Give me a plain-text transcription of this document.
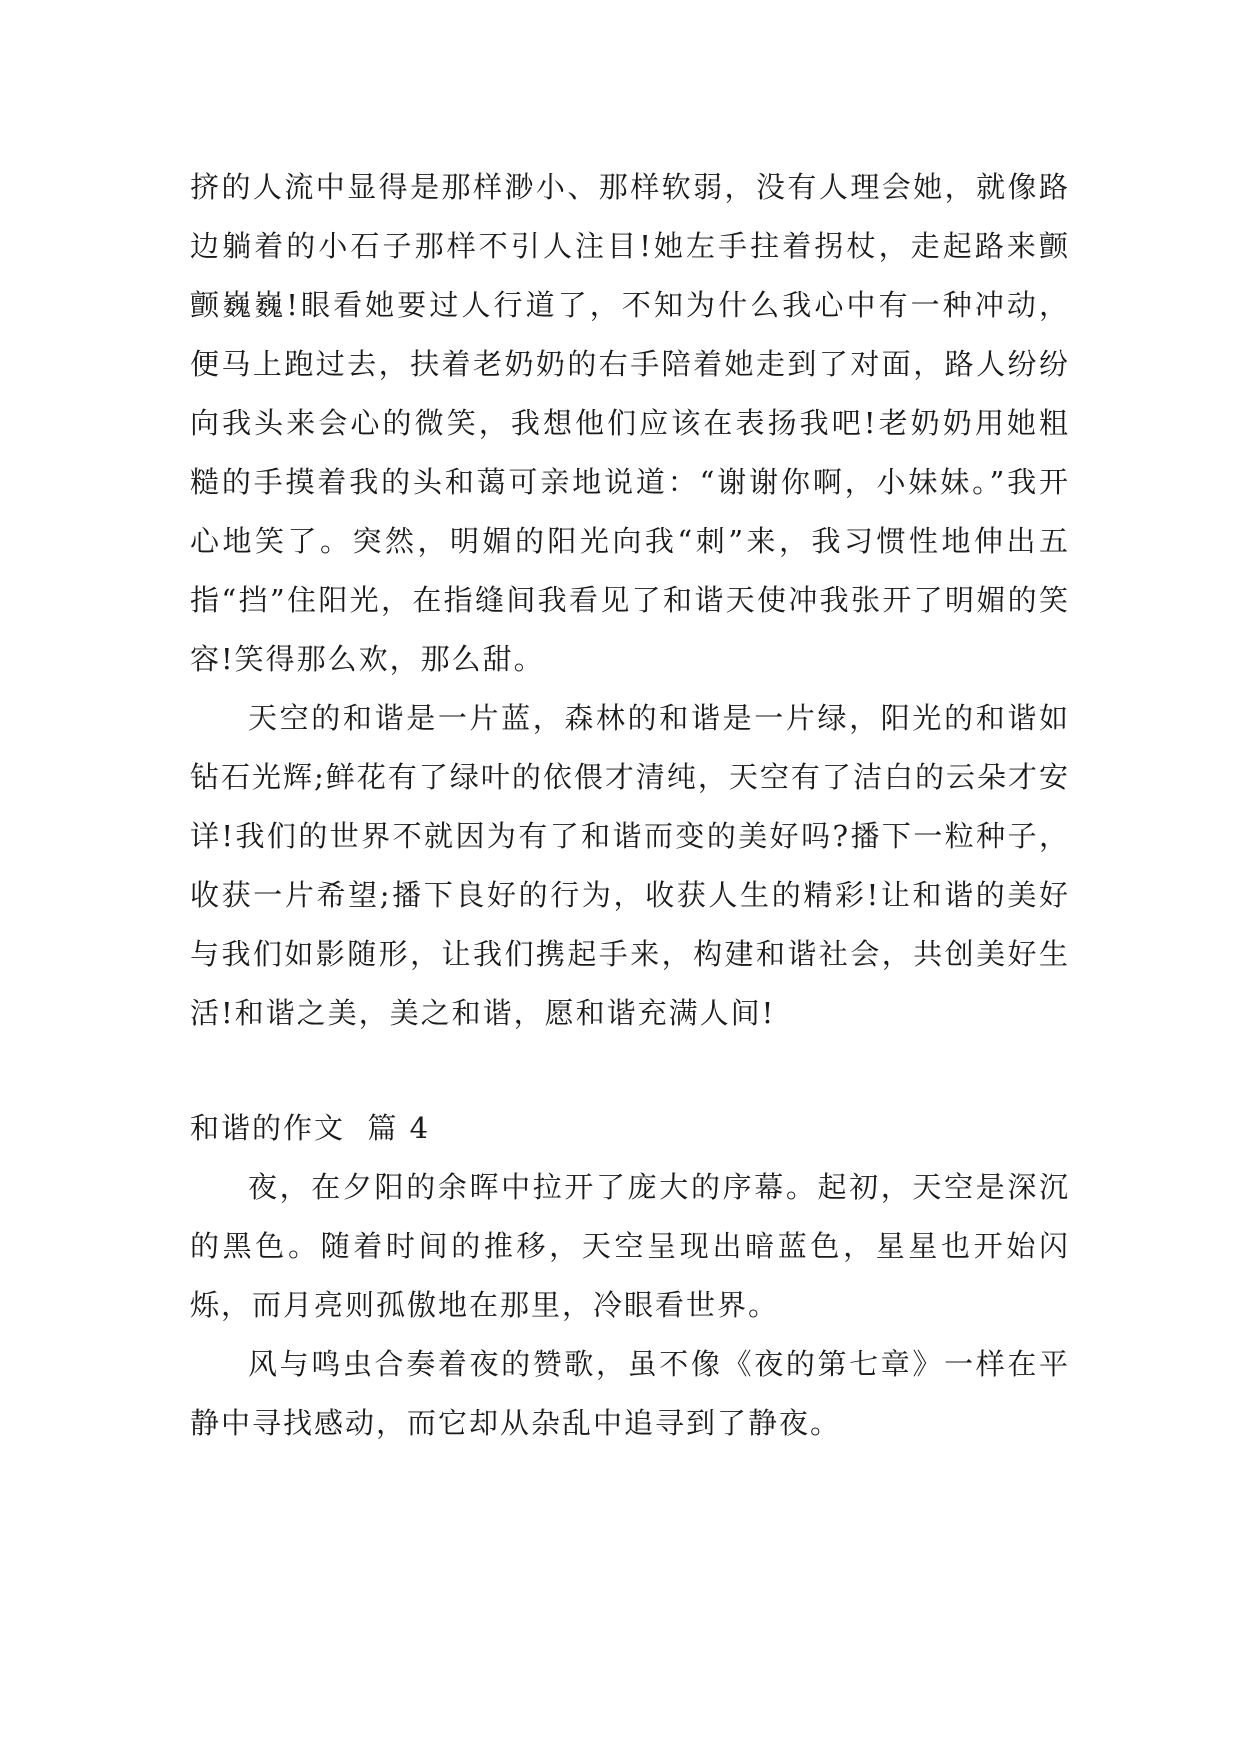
挤的人流中显得是那样渺小、那样软弱，没有人理会她，就像路边躺着的小石子那样不引人注目!她左手拄着拐杖，走起路来颤颤巍巍!眼看她要过人行道了，不知为什么我心中有一种冲动，便马上跑过去，扶着老奶奶的右手陪着她走到了对面，路人纷纷向我头来会心的微笑，我想他们应该在表扬我吧!老奶奶用她粗糙的手摸着我的头和蔼可亲地说道：“谢谢你啊，小妹妹。”我开心地笑了。突然，明媚的阳光向我“刺”来，我习惯性地伸出五指“挡”住阳光，在指缝间我看见了和谐天使冲我张开了明媚的笑容!笑得那么欢，那么甜。

天空的和谐是一片蓝，森林的和谐是一片绿，阳光的和谐如钻石光辉;鲜花有了绿叶的依偎才清纯，天空有了洁白的云朵才安详!我们的世界不就因为有了和谐而变的美好吗?播下一粒种子，收获一片希望;播下良好的行为，收获人生的精彩!让和谐的美好与我们如影随形，让我们携起手来，构建和谐社会，共创美好生活!和谐之美，美之和谐，愿和谐充满人间!

和谐的作文  篇 4

夜，在夕阳的余晖中拉开了庞大的序幕。起初，天空是深沉的黑色。随着时间的推移，天空呈现出暗蓝色，星星也开始闪烁，而月亮则孤傲地在那里，冷眼看世界。

风与鸣虫合奏着夜的赞歌，虽不像《夜的第七章》一样在平静中寻找感动，而它却从杂乱中追寻到了静夜。
